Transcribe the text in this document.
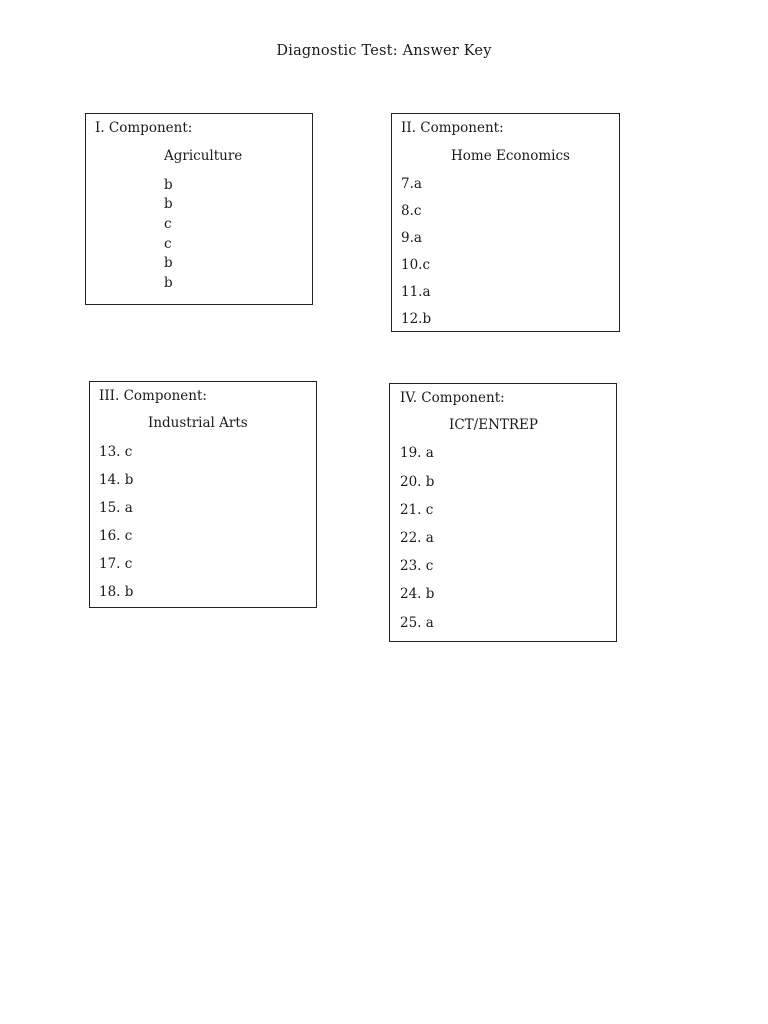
Diagnostic Test: Answer Key
I. Component:
Agriculture
b
b
c
c
b
b
II. Component:
Home Economics
7.a
8.c
9.a
10.c
11.a
12.b
III. Component:
Industrial Arts
13. c
14. b
15. a
16. c
17. c
18. b
IV. Component:
ICT/ENTREP
19. a
20. b
21. c
22. a
23. c
24. b
25. a
